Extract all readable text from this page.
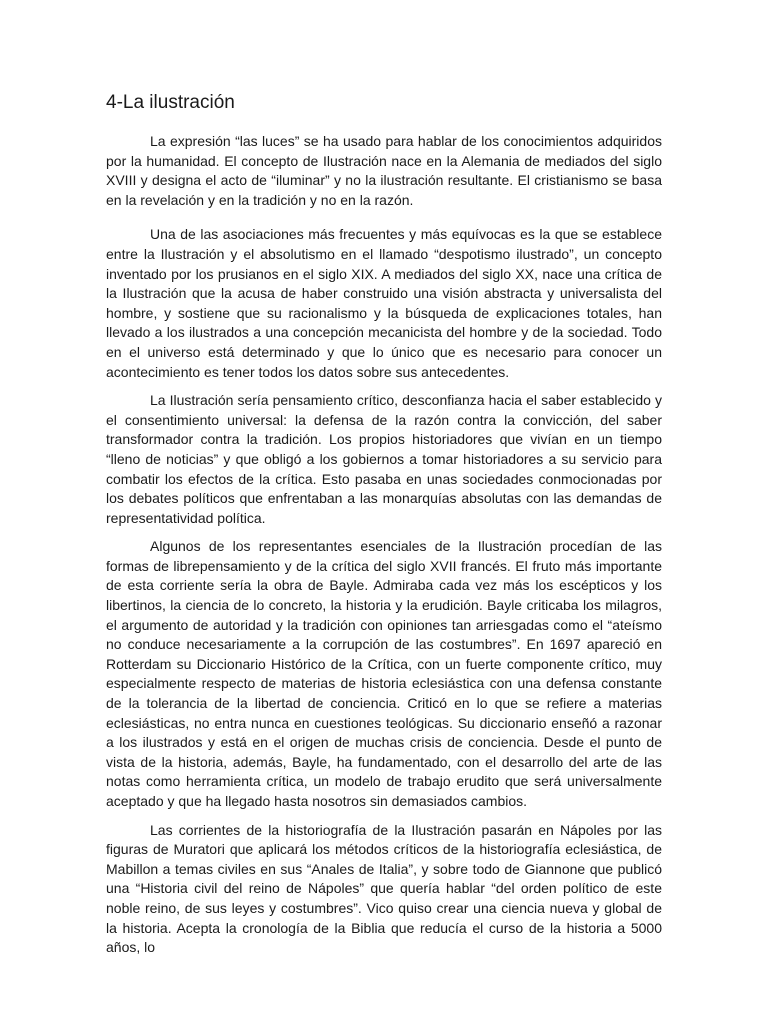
4-La ilustración

La expresión “las luces” se ha usado para hablar de los conocimientos adquiridos por la humanidad. El concepto de Ilustración nace en la Alemania de mediados del siglo XVIII y designa el acto de “iluminar” y no la ilustración resultante. El cristianismo se basa en la revelación y en la tradición y no en la razón.

Una de las asociaciones más frecuentes y más equívocas es la que se establece entre la Ilustración y el absolutismo en el llamado “despotismo ilustrado”, un concepto inventado por los prusianos en el siglo XIX. A mediados del siglo XX, nace una crítica de la Ilustración que la acusa de haber construido una visión abstracta y universalista del hombre, y sostiene que su racionalismo y la búsqueda de explicaciones totales, han llevado a los ilustrados a una concepción mecanicista del hombre y de la sociedad. Todo en el universo está determinado y que lo único que es necesario para conocer un acontecimiento es tener todos los datos sobre sus antecedentes.

La Ilustración sería pensamiento crítico, desconfianza hacia el saber establecido y el consentimiento universal: la defensa de la razón contra la convicción, del saber transformador contra la tradición. Los propios historiadores que vivían en un tiempo “lleno de noticias” y que obligó a los gobiernos a tomar historiadores a su servicio para combatir los efectos de la crítica. Esto pasaba en unas sociedades conmocionadas por los debates políticos que enfrentaban a las monarquías absolutas con las demandas de representatividad política.

Algunos de los representantes esenciales de la Ilustración procedían de las formas de librepensamiento y de la crítica del siglo XVII francés. El fruto más importante de esta corriente sería la obra de Bayle. Admiraba cada vez más los escépticos y los libertinos, la ciencia de lo concreto, la historia y la erudición. Bayle criticaba los milagros, el argumento de autoridad y la tradición con opiniones tan arriesgadas como el “ateísmo no conduce necesariamente a la corrupción de las costumbres”. En 1697 apareció en Rotterdam su Diccionario Histórico de la Crítica, con un fuerte componente crítico, muy especialmente respecto de materias de historia eclesiástica con una defensa constante de la tolerancia de la libertad de conciencia. Criticó en lo que se refiere a materias eclesiásticas, no entra nunca en cuestiones teológicas. Su diccionario enseñó a razonar a los ilustrados y está en el origen de muchas crisis de conciencia. Desde el punto de vista de la historia, además, Bayle, ha fundamentado, con el desarrollo del arte de las notas como herramienta crítica, un modelo de trabajo erudito que será universalmente aceptado y que ha llegado hasta nosotros sin demasiados cambios.

Las corrientes de la historiografía de la Ilustración pasarán en Nápoles por las figuras de Muratori que aplicará los métodos críticos de la historiografía eclesiástica, de Mabillon a temas civiles en sus “Anales de Italia”, y sobre todo de Giannone que publicó una “Historia civil del reino de Nápoles” que quería hablar “del orden político de este noble reino, de sus leyes y costumbres”. Vico quiso crear una ciencia nueva y global de la historia. Acepta la cronología de la Biblia que reducía el curso de la historia a 5000 años, lo
